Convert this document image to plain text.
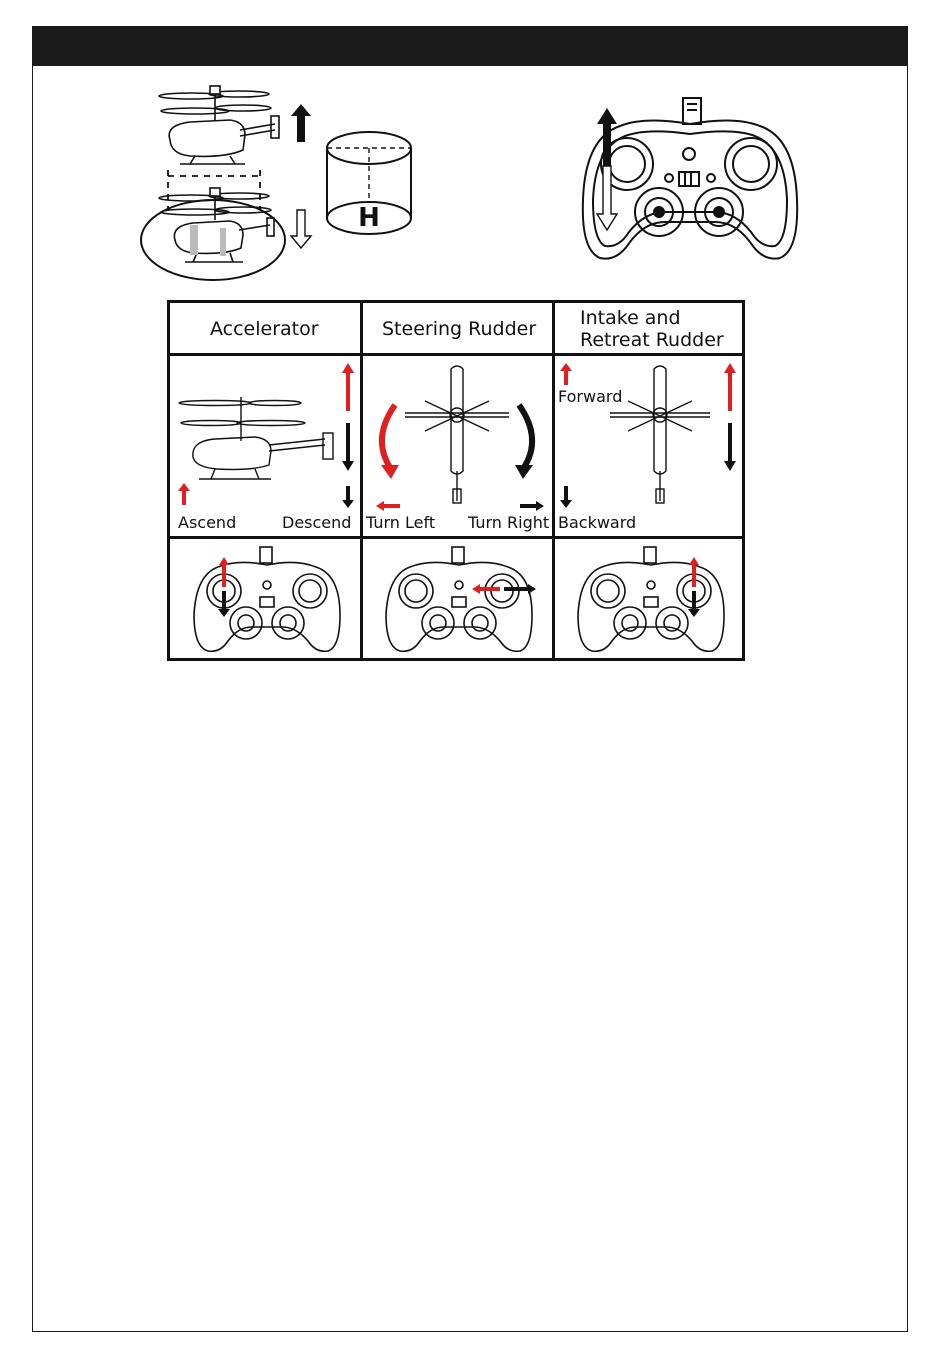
H
Accelerator	Steering Rudder Intake and
Retreat Rudder
Ascend	Descend Turn Left Turn Right
Forward
Backward
